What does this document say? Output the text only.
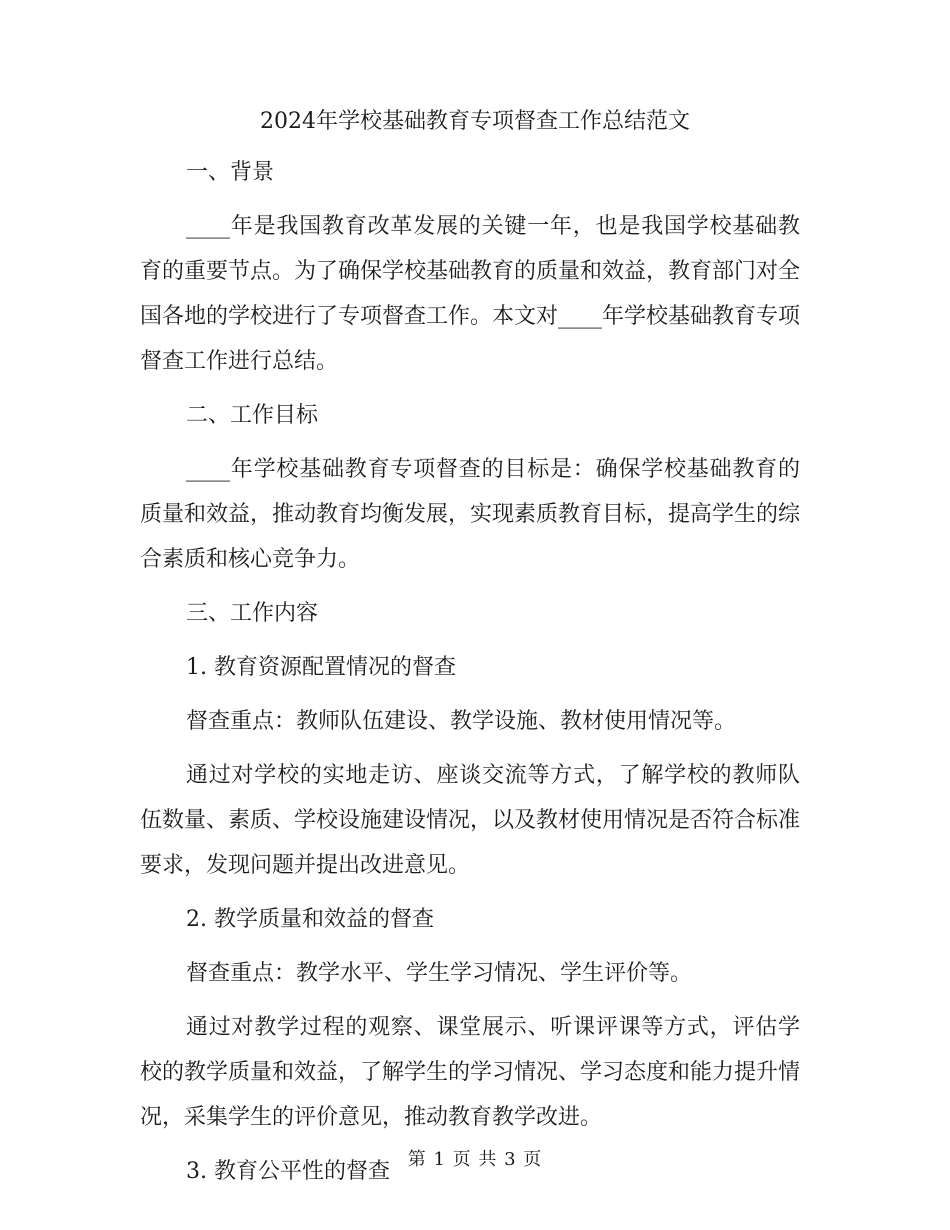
2024年学校基础教育专项督查工作总结范文

一、背景

____年是我国教育改革发展的关键一年，也是我国学校基础教育的重要节点。为了确保学校基础教育的质量和效益，教育部门对全国各地的学校进行了专项督查工作。本文对____年学校基础教育专项督查工作进行总结。

二、工作目标

____年学校基础教育专项督查的目标是：确保学校基础教育的质量和效益，推动教育均衡发展，实现素质教育目标，提高学生的综合素质和核心竞争力。

三、工作内容

1. 教育资源配置情况的督查

督查重点：教师队伍建设、教学设施、教材使用情况等。

通过对学校的实地走访、座谈交流等方式，了解学校的教师队伍数量、素质、学校设施建设情况，以及教材使用情况是否符合标准要求，发现问题并提出改进意见。

2. 教学质量和效益的督查

督查重点：教学水平、学生学习情况、学生评价等。

通过对教学过程的观察、课堂展示、听课评课等方式，评估学校的教学质量和效益，了解学生的学习情况、学习态度和能力提升情况，采集学生的评价意见，推动教育教学改进。

3. 教育公平性的督查 第 1 页 共 3 页
